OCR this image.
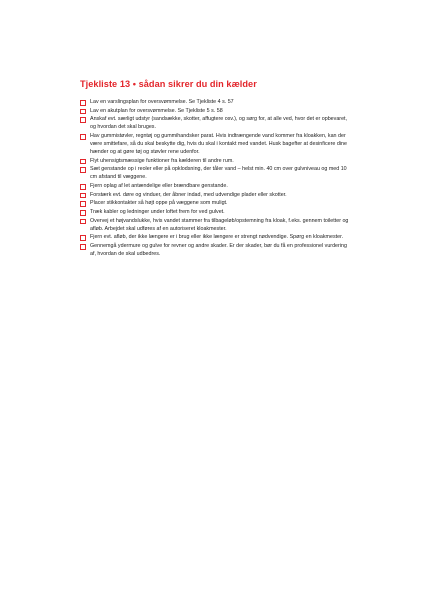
Tjekliste 13 • sådan sikrer du din kælder
Lav en varslingsplan for oversvømmelse. Se Tjekliste 4 s. 57
Lav en akutplan for oversvømmelse. Se Tjekliste 5 s. 58
Anskaf evt. særligt udstyr (sandsække, skotter, affugtere osv.), og sørg for, at alle ved, hvor det er opbevaret, og hvordan det skal bruges.
Hav gummistøvler, regntøj og gummihandsker parat. Hvis indtrængende vand kommer fra kloakken, kan der være smittefare, så du skal beskytte dig, hvis du skal i kontakt med vandet. Husk bagefter at desinficere dine hænder og at gøre tøj og støvler rene udenfor.
Flyt uhensigtsmæssige funktioner fra kælderen til andre rum.
Sæt genstande op i reoler eller på opklodsning, der tåler vand – helst min. 40 cm over gulvniveau og med 10 cm afstand til væggene.
Fjern oplag af let antændelige eller brændbare genstande.
Forstærk evt. døre og vinduer, der åbner indad, med udvendige plader eller skotter.
Placer stikkontakter så højt oppe på væggene som muligt.
Træk kabler og ledninger under loftet frem for ved gulvet.
Overvej et højvandslukke, hvis vandet stammer fra tilbageløb/opstemning fra kloak, f.eks. gennem toiletter og afløb. Arbejdet skal udføres af en autoriseret kloakmester.
Fjern evt. afløb, der ikke længere er i brug eller ikke længere er strengt nødvendige. Spørg en kloakmester.
Gennemgå ydermure og gulve for revner og andre skader. Er der skader, bør du få en professionel vurdering af, hvordan de skal udbedres.
